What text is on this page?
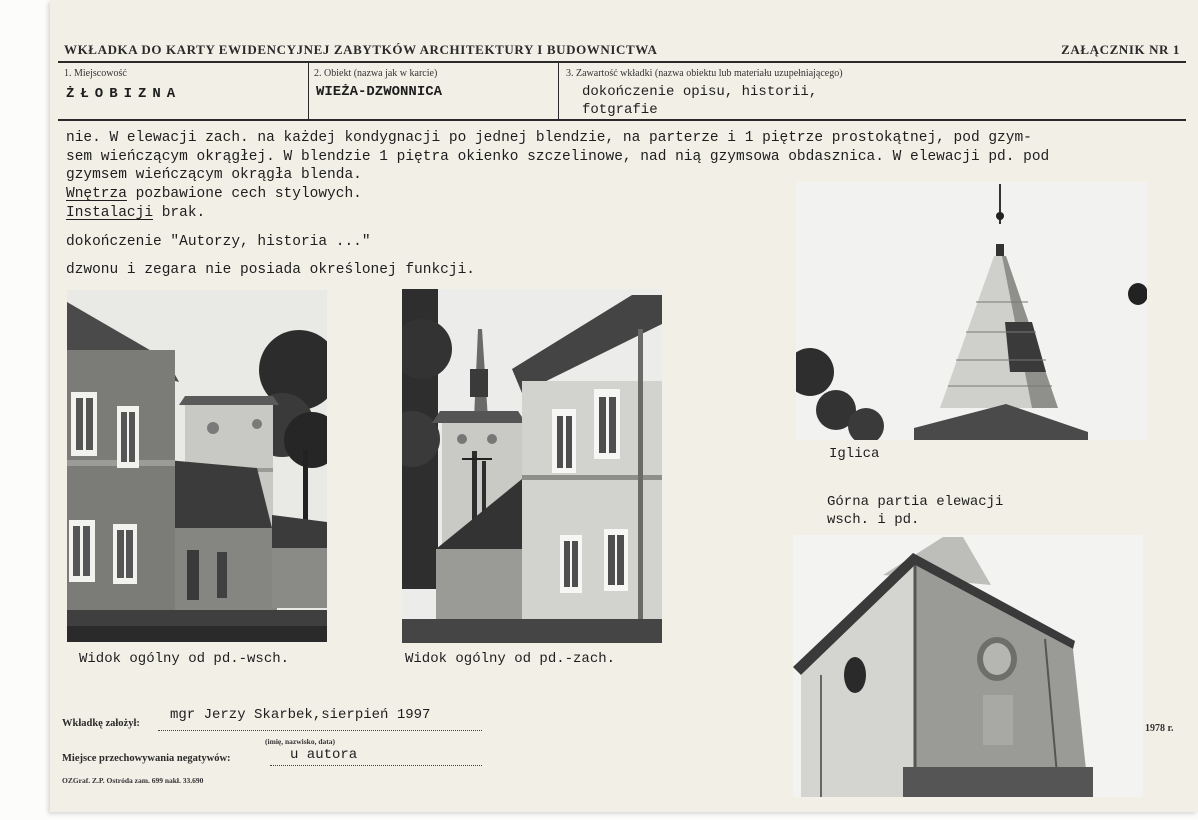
WKŁADKA DO KARTY EWIDENCYJNEJ ZABYTKÓW ARCHITEKTURY I BUDOWNICTWA	ZAŁĄCZNIK NR 1
1. Miejscowość
ŻŁOBIZNA
2. Obiekt (nazwa jak w karcie)
WIEŻA-DZWONNICA
3. Zawartość wkładki (nazwa obiektu lub materiału uzupełniającego)
dokończenie opisu, historii,
fotgrafie
nie. W elewacji zach. na każdej kondygnacji po jednej blendzie, na parterze i 1 piętrze prostokątnej, pod gzym-
sem wieńczącym okrągłej. W blendzie 1 piętra okienko szczelinowe, nad nią gzymsowa obdasznica. W elewacji pd. pod
gzymsem wieńczącym okrągła blenda.
Wnętrza pozbawione cech stylowych.
Instalacji brak.
dokończenie "Autorzy, historia ..."
dzwonu i zegara nie posiada określonej funkcji.
Widok ogólny od pd.-wsch.	Widok ogólny od pd.-zach.
Iglica
Górna partia elewacji
wsch. i pd.
1978 r.
Wkładkę założył:
mgr Jerzy Skarbek,sierpień 1997
(imię, nazwisko, data)
Miejsce przechowywania negatywów:	u autora
OZGraf. Z.P. Ostróda zam. 699 nakł. 33.690
